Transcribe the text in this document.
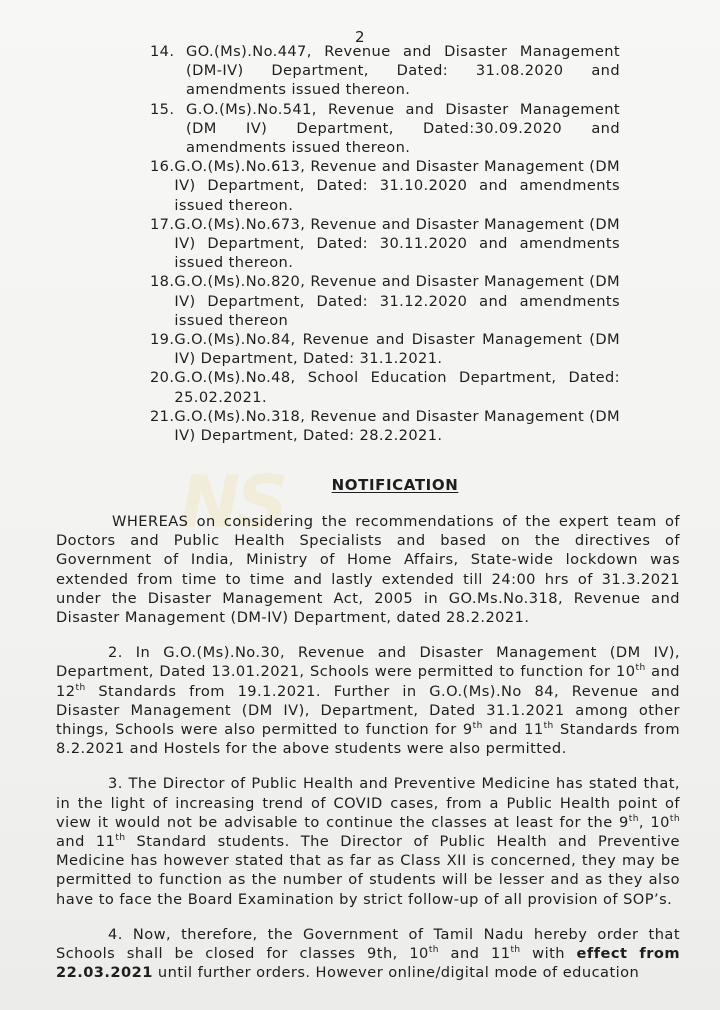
NS
2
14. GO.(Ms).No.447, Revenue and Disaster Management (DM-IV) Department, Dated: 31.08.2020 and amendments issued thereon.
15. G.O.(Ms).No.541, Revenue and Disaster Management (DM IV) Department, Dated:30.09.2020 and amendments issued thereon.
16. G.O.(Ms).No.613, Revenue and Disaster Management (DM IV) Department, Dated: 31.10.2020 and amendments issued thereon.
17. G.O.(Ms).No.673, Revenue and Disaster Management (DM IV) Department, Dated: 30.11.2020 and amendments issued thereon.
18. G.O.(Ms).No.820, Revenue and Disaster Management (DM IV) Department, Dated: 31.12.2020 and amendments issued thereon
19. G.O.(Ms).No.84, Revenue and Disaster Management (DM IV) Department, Dated: 31.1.2021.
20. G.O.(Ms).No.48, School Education Department, Dated: 25.02.2021.
21. G.O.(Ms).No.318, Revenue and Disaster Management (DM IV) Department, Dated: 28.2.2021.
NOTIFICATION

WHEREAS on considering the recommendations of the expert team of Doctors and Public Health Specialists and based on the directives of Government of India, Ministry of Home Affairs, State-wide lockdown was extended from time to time and lastly extended till 24:00 hrs of 31.3.2021 under the Disaster Management Act, 2005 in GO.Ms.No.318, Revenue and Disaster Management (DM-IV) Department, dated 28.2.2021.

2. In G.O.(Ms).No.30, Revenue and Disaster Management (DM IV), Department, Dated 13.01.2021, Schools were permitted to function for 10th and 12th Standards from 19.1.2021. Further in G.O.(Ms).No 84, Revenue and Disaster Management (DM IV), Department, Dated 31.1.2021 among other things, Schools were also permitted to function for 9th and 11th Standards from 8.2.2021 and Hostels for the above students were also permitted.

3. The Director of Public Health and Preventive Medicine has stated that, in the light of increasing trend of COVID cases, from a Public Health point of view it would not be advisable to continue the classes at least for the 9th, 10th and 11th Standard students. The Director of Public Health and Preventive Medicine has however stated that as far as Class XII is concerned, they may be permitted to function as the number of students will be lesser and as they also have to face the Board Examination by strict follow-up of all provision of SOP’s.

4. Now, therefore, the Government of Tamil Nadu hereby order that Schools shall be closed for classes 9th, 10th and 11th with effect from 22.03.2021 until further orders. However online/digital mode of education
